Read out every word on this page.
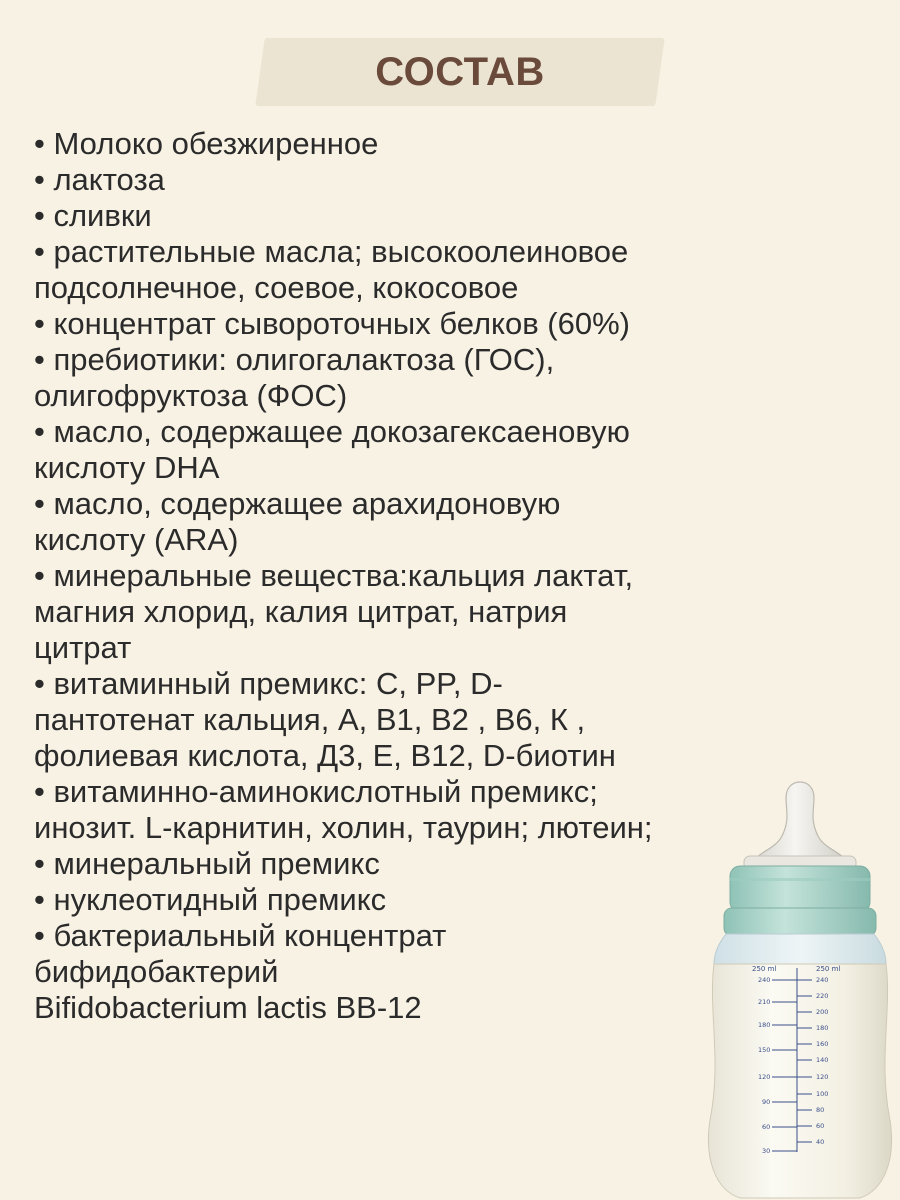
СОСТАВ
• Молоко обезжиренное
• лактоза
• сливки
• растительные масла; высокоолеиновое
подсолнечное, соевое, кокосовое
• концентрат сывороточных белков (60%)
• пребиотики: олигогалактоза (ГОС),
олигофруктоза (ФОС)
• масло, содержащее докозагексаеновую
кислоту DHA
• масло, содержащее арахидоновую
кислоту (ARA)
• минеральные вещества:кальция лактат,
магния хлорид, калия цитрат, натрия
цитрат
• витаминный премикс: С, PP, D-
пантотенат кальция, А, В1, В2 , В6, К ,
фолиевая кислота, Д3, Е, В12, D-биотин
• витаминно-аминокислотный премикс;
инозит. L-карнитин, холин, таурин; лютеин;
• минеральный премикс
• нуклеотидный премикс
• бактериальный концентрат
бифидобактерий
Bifidobacterium lactis BB-12
250 ml	250 ml
240
210
180
150
120
90
60
30
240
220
200
180
160
140
120
100
80
60
40
